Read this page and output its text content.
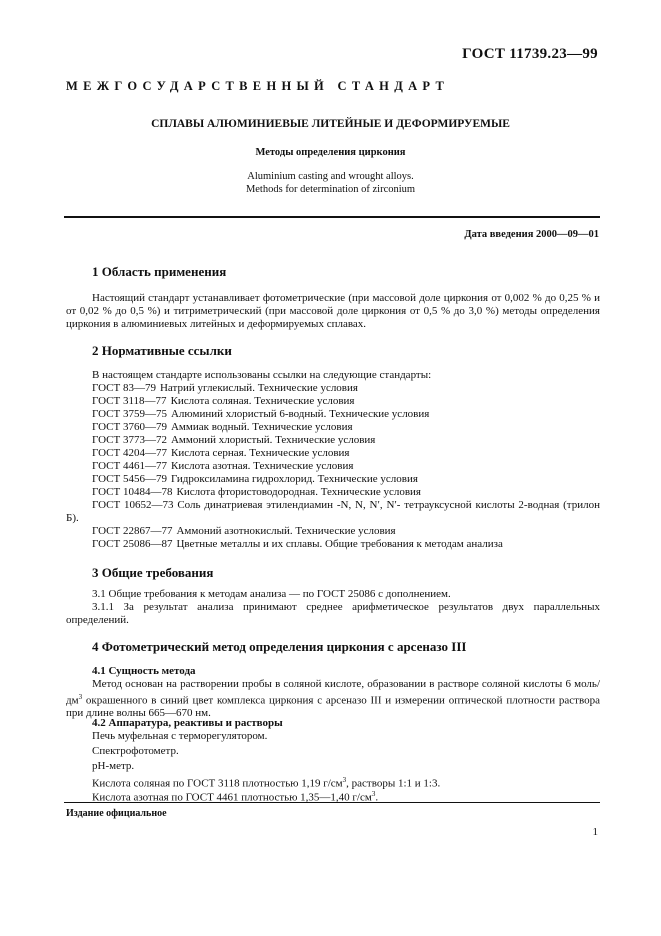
ГОСТ 11739.23—99
МЕЖГОСУДАРСТВЕННЫЙ СТАНДАРТ
СПЛАВЫ АЛЮМИНИЕВЫЕ ЛИТЕЙНЫЕ И ДЕФОРМИРУЕМЫЕ
Методы определения циркония
Aluminium casting and wrought alloys.
Methods for determination of zirconium
Дата введения 2000—09—01
1 Область применения
Настоящий стандарт устанавливает фотометрические (при массовой доле циркония от 0,002 % до 0,25 % и от 0,02 % до 0,5 %) и титриметрический (при массовой доле циркония от 0,5 % до 3,0 %) методы определения циркония в алюминиевых литейных и деформируемых сплавах.
2 Нормативные ссылки
В настоящем стандарте использованы ссылки на следующие стандарты:
ГОСТ 83—79 Натрий углекислый. Технические условия
ГОСТ 3118—77 Кислота соляная. Технические условия
ГОСТ 3759—75 Алюминий хлористый 6-водный. Технические условия
ГОСТ 3760—79 Аммиак водный. Технические условия
ГОСТ 3773—72 Аммоний хлористый. Технические условия
ГОСТ 4204—77 Кислота серная. Технические условия
ГОСТ 4461—77 Кислота азотная. Технические условия
ГОСТ 5456—79 Гидроксиламина гидрохлорид. Технические условия
ГОСТ 10484—78 Кислота фтористоводородная. Технические условия
ГОСТ 10652—73 Соль динатриевая этилендиамин -N, N, N′, N′- тетрауксусной кислоты 2-водная (трилон Б).
ГОСТ 22867—77 Аммоний азотнокислый. Технические условия
ГОСТ 25086—87 Цветные металлы и их сплавы. Общие требования к методам анализа
3 Общие требования
3.1 Общие требования к методам анализа — по ГОСТ 25086 с дополнением.
3.1.1 За результат анализа принимают среднее арифметическое результатов двух параллельных определений.
4 Фотометрический метод определения циркония с арсеназо III
4.1 Сущность метода
Метод основан на растворении пробы в соляной кислоте, образовании в растворе соляной кислоты 6 моль/$дм^3$ окрашенного в синий цвет комплекса циркония с арсеназо III и измерении оптической плотности раствора при длине волны 665—670 нм.
4.2 Аппаратура, реактивы и растворы
Печь муфельная с терморегулятором.
Спектрофотометр.
pH-метр.
Кислота соляная по ГОСТ 3118 плотностью 1,19 $г/см^3$, растворы 1:1 и 1:3.
Кислота азотная по ГОСТ 4461 плотностью 1,35—1,40 $г/см^3$.
Издание официальное
1
